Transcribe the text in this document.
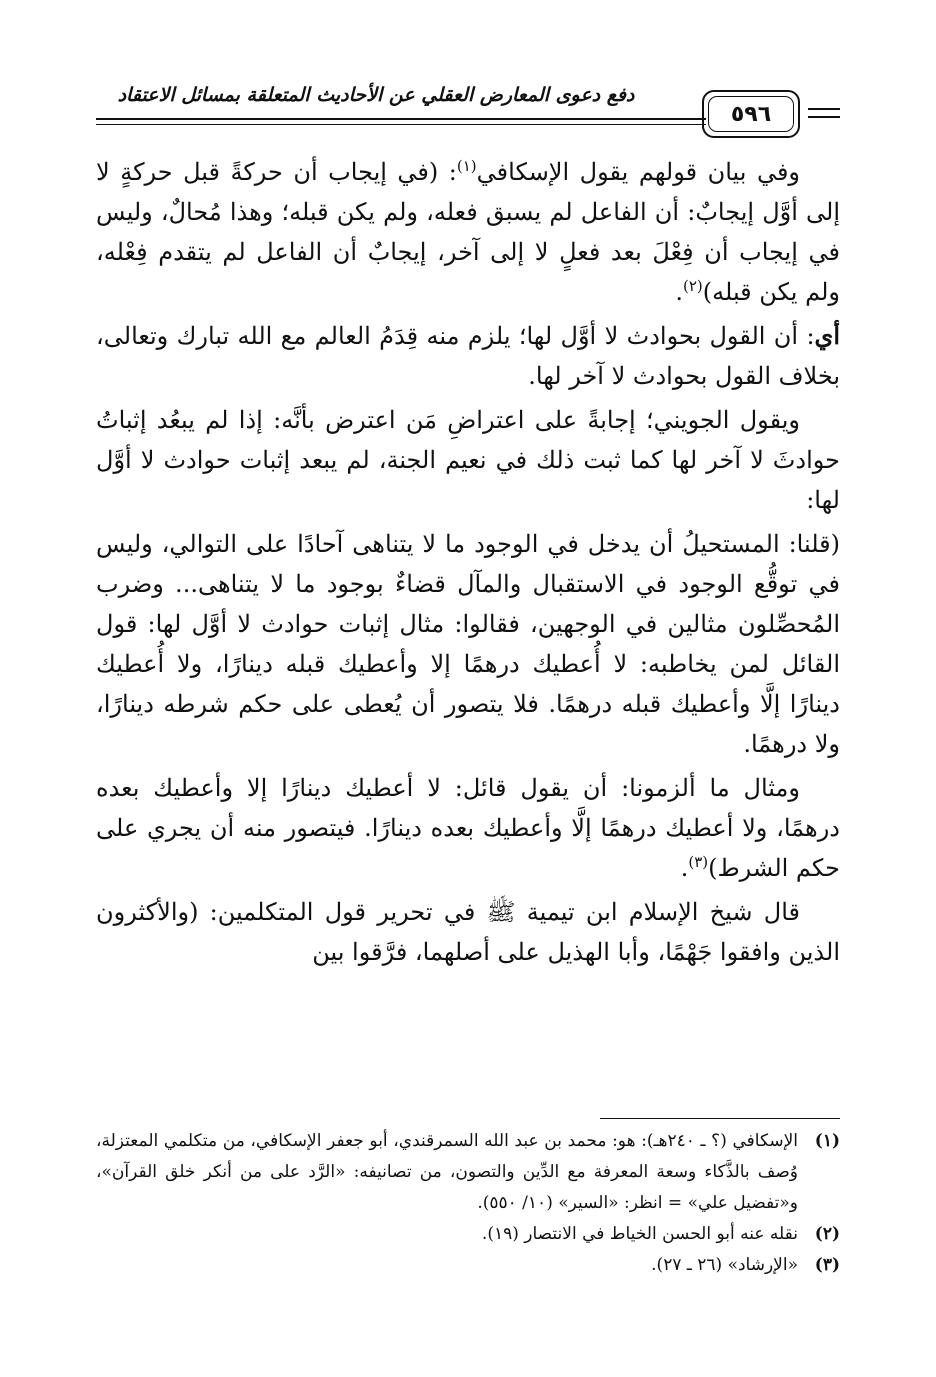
٥٩٦
دفع دعوى المعارض العقلي عن الأحاديث المتعلقة بمسائل الاعتقاد

وفي بيان قولهم يقول الإسكافي$^{(١)}$: (في إيجاب أن حركةً قبل حركةٍ لا إلى أوَّل إيجابٌ: أن الفاعل لم يسبق فعله، ولم يكن قبله؛ وهذا مُحالٌ، وليس في إيجاب أن فِعْلَ بعد فعلٍ لا إلى آخر، إيجابٌ أن الفاعل لم يتقدم فِعْله، ولم يكن قبله)$^{(٢)}$.

أي: أن القول بحوادث لا أوَّل لها؛ يلزم منه قِدَمُ العالم مع الله تبارك وتعالى، بخلاف القول بحوادث لا آخر لها.

ويقول الجويني؛ إجابةً على اعتراضِ مَن اعترض بأنَّه: إذا لم يبعُد إثباتُ حوادثَ لا آخر لها كما ثبت ذلك في نعيم الجنة، لم يبعد إثبات حوادث لا أوَّل لها:

(قلنا: المستحيلُ أن يدخل في الوجود ما لا يتناهى آحادًا على التوالي، وليس في توقُّع الوجود في الاستقبال والمآل قضاءٌ بوجود ما لا يتناهى... وضرب المُحصِّلون مثالين في الوجهين، فقالوا: مثال إثبات حوادث لا أوَّل لها: قول القائل لمن يخاطبه: لا أُعطيك درهمًا إلا وأعطيك قبله دينارًا، ولا أُعطيك دينارًا إلَّا وأعطيك قبله درهمًا. فلا يتصور أن يُعطى على حكم شرطه دينارًا، ولا درهمًا.

ومثال ما ألزمونا: أن يقول قائل: لا أعطيك دينارًا إلا وأعطيك بعده درهمًا، ولا أعطيك درهمًا إلَّا وأعطيك بعده دينارًا. فيتصور منه أن يجري على حكم الشرط)$^{(٣)}$.

قال شيخ الإسلام ابن تيمية ﷺ في تحرير قول المتكلمين: (والأكثرون الذين وافقوا جَهْمًا، وأبا الهذيل على أصلهما، فرَّقوا بين

(١)
الإسكافي (؟ ـ ٢٤٠هـ): هو: محمد بن عبد الله السمرقندي، أبو جعفر الإسكافي، من متكلمي المعتزلة، وُصف بالذَّكاء وسعة المعرفة مع الدِّين والتصون، من تصانيفه: «الرَّد على من أنكر خلق القرآن»، و«تفضيل علي» = انظر: «السير» (١٠/ ٥٥٠).
(٢)
نقله عنه أبو الحسن الخياط في الانتصار (١٩).
(٣)
«الإرشاد» (٢٦ ـ ٢٧).
